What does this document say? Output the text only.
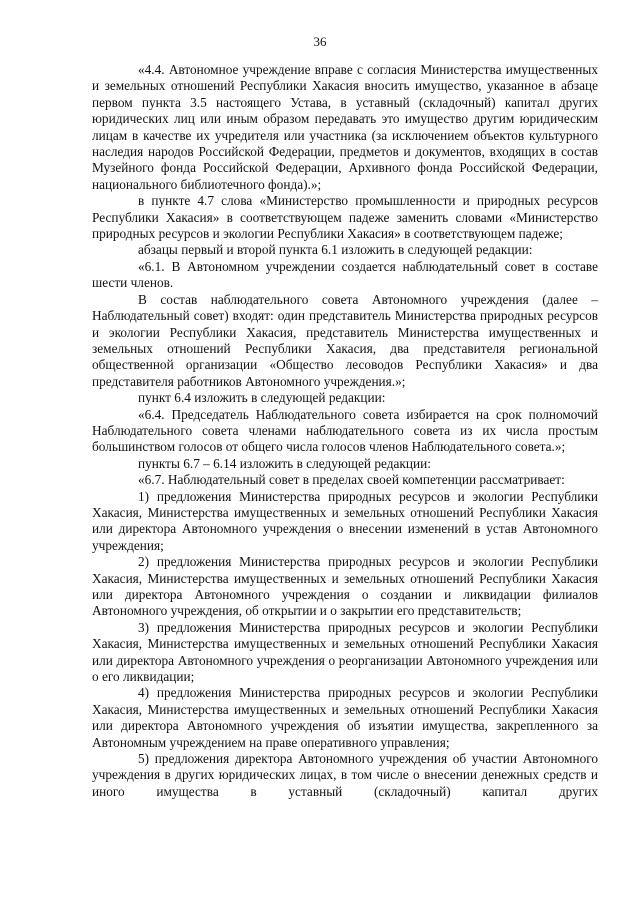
36

«4.4. Автономное учреждение вправе с согласия Министерства имущественных и земельных отношений Республики Хакасия вносить имущество, указанное в абзаце первом пункта 3.5 настоящего Устава, в уставный (складочный) капитал других юридических лиц или иным образом передавать это имущество другим юридическим лицам в качестве их учредителя или участника (за исключением объектов культурного наследия народов Российской Федерации, предметов и документов, входящих в состав Музейного фонда Российской Федерации, Архивного фонда Российской Федерации, национального библиотечного фонда).»;

в пункте 4.7 слова «Министерство промышленности и природных ресурсов Республики Хакасия» в соответствующем падеже заменить словами «Министерство природных ресурсов и экологии Республики Хакасия» в соответствующем падеже;

абзацы первый и второй пункта 6.1 изложить в следующей редакции:

«6.1. В Автономном учреждении создается наблюдательный совет в составе шести членов.

В состав наблюдательного совета Автономного учреждения (далее – Наблюдательный совет) входят: один представитель Министерства природных ресурсов и экологии Республики Хакасия, представитель Министерства имущественных и земельных отношений Республики Хакасия, два представителя региональной общественной организации «Общество лесоводов Республики Хакасия» и два представителя работников Автономного учреждения.»;

пункт 6.4 изложить в следующей редакции:

«6.4. Председатель Наблюдательного совета избирается на срок полномочий Наблюдательного совета членами наблюдательного совета из их числа простым большинством голосов от общего числа голосов членов Наблюдательного совета.»;

пункты 6.7 – 6.14 изложить в следующей редакции:

«6.7. Наблюдательный совет в пределах своей компетенции рассматривает:

1) предложения Министерства природных ресурсов и экологии Республики Хакасия, Министерства имущественных и земельных отношений Республики Хакасия или директора Автономного учреждения о внесении изменений в устав Автономного учреждения;

2) предложения Министерства природных ресурсов и экологии Республики Хакасия, Министерства имущественных и земельных отношений Республики Хакасия или директора Автономного учреждения о создании и ликвидации филиалов Автономного учреждения, об открытии и о закрытии его представительств;

3) предложения Министерства природных ресурсов и экологии Республики Хакасия, Министерства имущественных и земельных отношений Республики Хакасия или директора Автономного учреждения о реорганизации Автономного учреждения или о его ликвидации;

4) предложения Министерства природных ресурсов и экологии Республики Хакасия, Министерства имущественных и земельных отношений Республики Хакасия или директора Автономного учреждения об изъятии имущества, закрепленного за Автономным учреждением на праве оперативного управления;

5) предложения директора Автономного учреждения об участии Автономного учреждения в других юридических лицах, в том числе о внесении денежных средств и иного имущества в уставный (складочный) капитал других
